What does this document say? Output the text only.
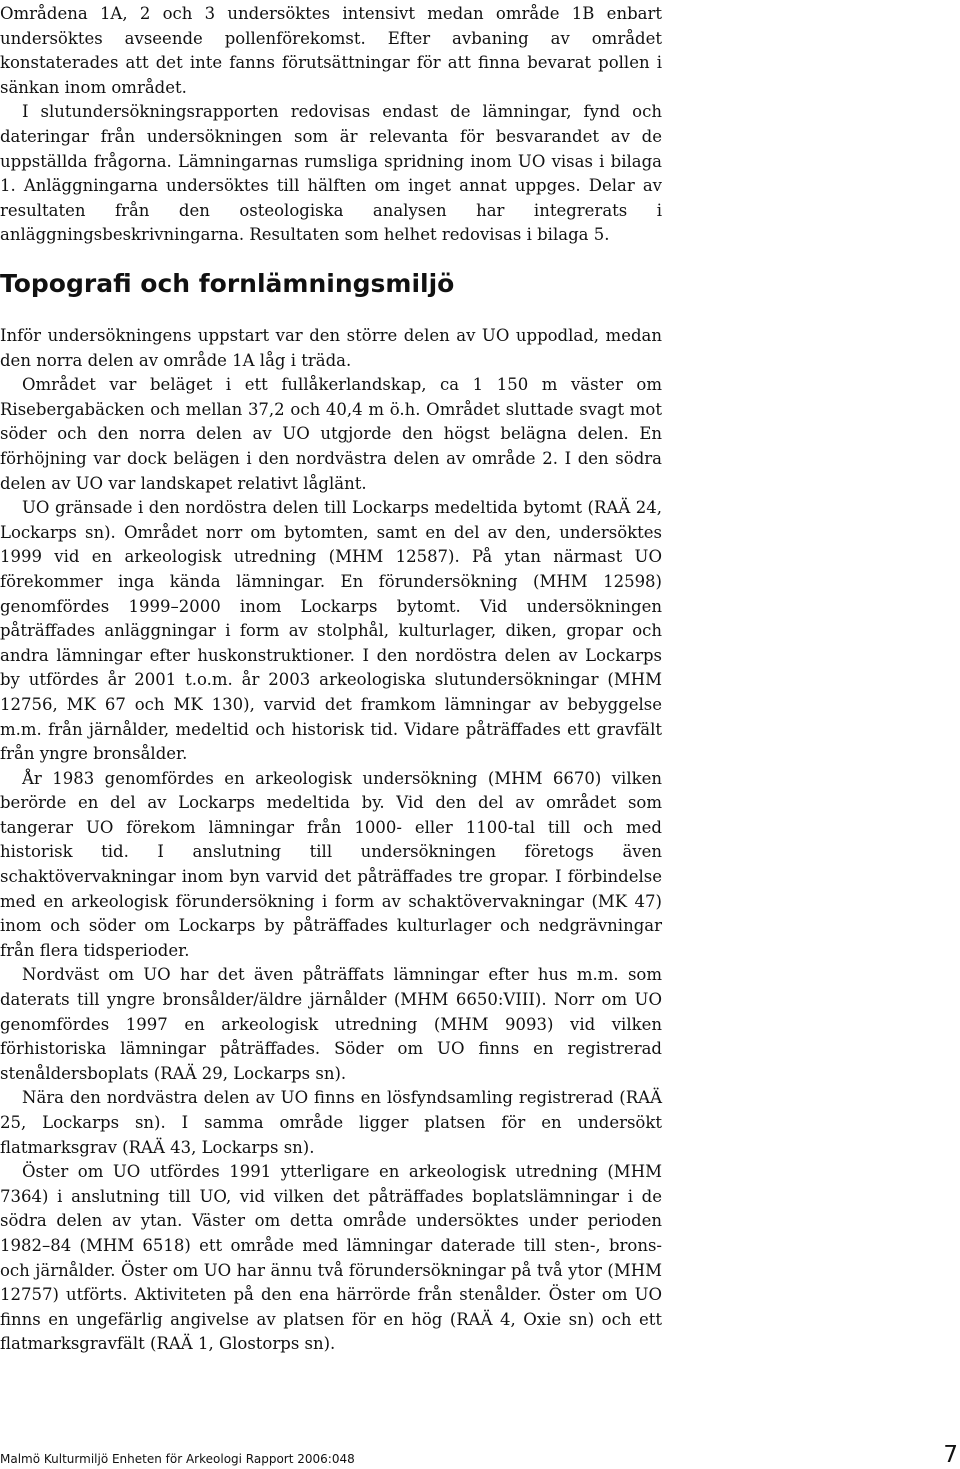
Områdena 1A, 2 och 3 undersöktes intensivt medan område 1B enbart undersöktes avseende pollenförekomst. Efter avbaning av området konstaterades att det inte fanns förutsättningar för att finna bevarat pollen i sänkan inom området.

I slutundersökningsrapporten redovisas endast de lämningar, fynd och dateringar från undersökningen som är relevanta för besvarandet av de uppställda frågorna. Lämningarnas rumsliga spridning inom UO visas i bilaga 1. Anläggningarna undersöktes till hälften om inget annat uppges. Delar av resultaten från den osteologiska analysen har integrerats i anläggningsbeskrivningarna. Resultaten som helhet redovisas i bilaga 5.

Topografi och fornlämningsmiljö

Inför undersökningens uppstart var den större delen av UO uppodlad, medan den norra delen av område 1A låg i träda.

Området var beläget i ett fullåkerlandskap, ca 1 150 m väster om Risebergabäcken och mellan 37,2 och 40,4 m ö.h. Området sluttade svagt mot söder och den norra delen av UO utgjorde den högst belägna delen. En förhöjning var dock belägen i den nordvästra delen av område 2. I den södra delen av UO var landskapet relativt låglänt.

UO gränsade i den nordöstra delen till Lockarps medeltida bytomt (RAÄ 24, Lockarps sn). Området norr om bytomten, samt en del av den, undersöktes 1999 vid en arkeologisk utredning (MHM 12587). På ytan närmast UO förekommer inga kända lämningar. En förundersökning (MHM 12598) genomfördes 1999–2000 inom Lockarps bytomt. Vid undersökningen påträffades anläggningar i form av stolphål, kulturlager, diken, gropar och andra lämningar efter huskonstruktioner. I den nordöstra delen av Lockarps by utfördes år 2001 t.o.m. år 2003 arkeologiska slutundersökningar (MHM 12756, MK 67 och MK 130), varvid det framkom lämningar av bebyggelse m.m. från järnålder, medeltid och historisk tid. Vidare påträffades ett gravfält från yngre bronsålder.

År 1983 genomfördes en arkeologisk undersökning (MHM 6670) vilken berörde en del av Lockarps medeltida by. Vid den del av området som tangerar UO förekom lämningar från 1000- eller 1100-tal till och med historisk tid. I anslutning till undersökningen företogs även schaktövervakningar inom byn varvid det påträffades tre gropar. I förbindelse med en arkeologisk förundersökning i form av schaktövervakningar (MK 47) inom och söder om Lockarps by påträffades kulturlager och nedgrävningar från flera tidsperioder.

Nordväst om UO har det även påträffats lämningar efter hus m.m. som daterats till yngre bronsålder/äldre järnålder (MHM 6650:VIII). Norr om UO genomfördes 1997 en arkeologisk utredning (MHM 9093) vid vilken förhistoriska lämningar påträffades. Söder om UO finns en registrerad stenåldersboplats (RAÄ 29, Lockarps sn).

Nära den nordvästra delen av UO finns en lösfyndsamling registrerad (RAÄ 25, Lockarps sn). I samma område ligger platsen för en undersökt flatmarksgrav (RAÄ 43, Lockarps sn).

Öster om UO utfördes 1991 ytterligare en arkeologisk utredning (MHM 7364) i anslutning till UO, vid vilken det påträffades boplatslämningar i de södra delen av ytan. Väster om detta område undersöktes under perioden 1982–84 (MHM 6518) ett område med lämningar daterade till sten-, brons- och järnålder. Öster om UO har ännu två förundersökningar på två ytor (MHM 12757) utförts. Aktiviteten på den ena härrörde från stenålder. Öster om UO finns en ungefärlig angivelse av platsen för en hög (RAÄ 4, Oxie sn) och ett flatmarksgravfält (RAÄ 1, Glostorps sn).

Malmö Kulturmiljö Enheten för Arkeologi Rapport 2006:048	7
